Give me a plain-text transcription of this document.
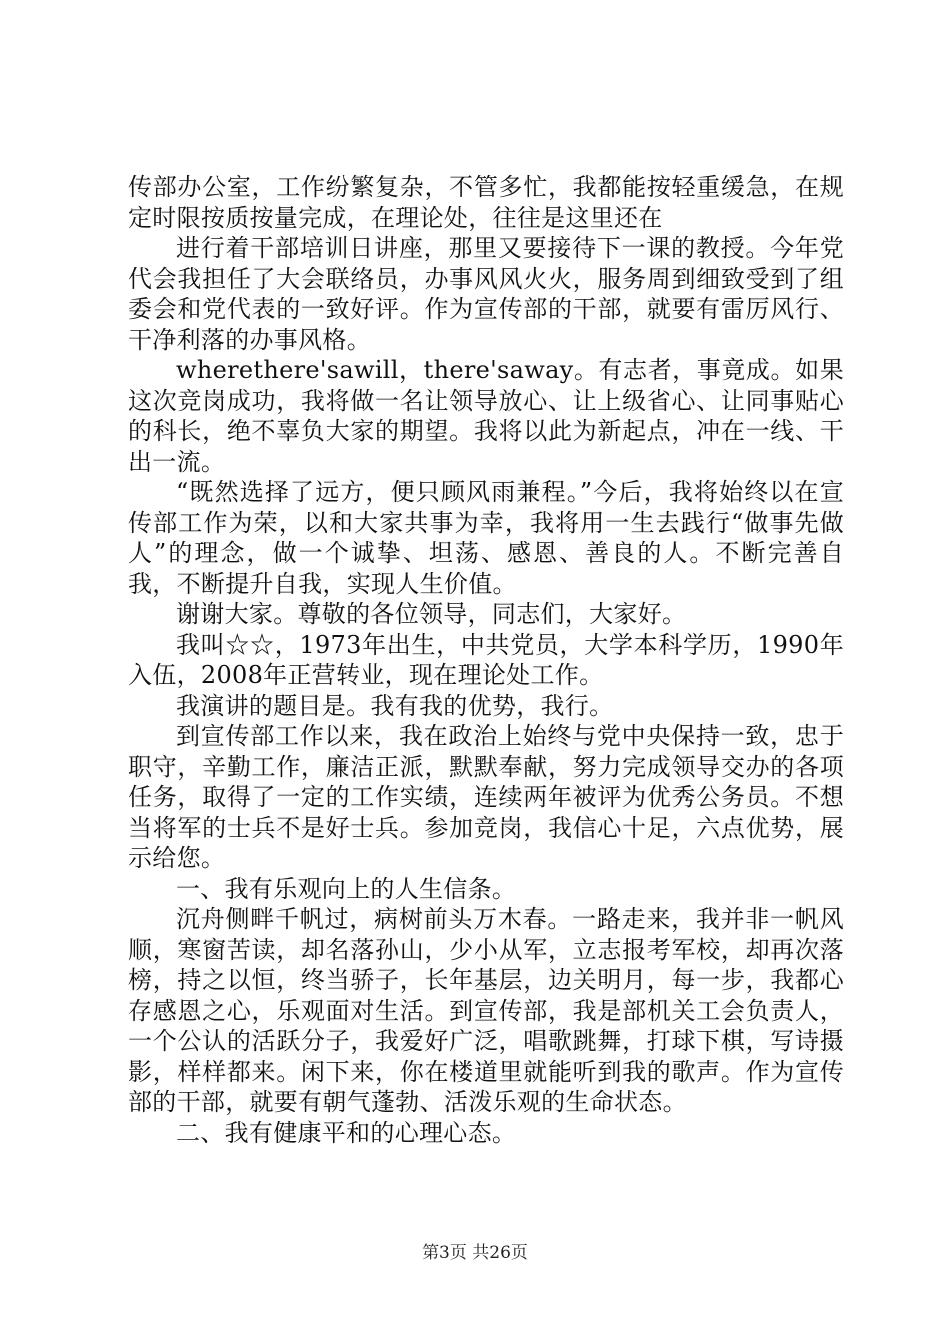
传部办公室，工作纷繁复杂，不管多忙，我都能按轻重缓急，在规定时限按质按量完成，在理论处，往往是这里还在

进行着干部培训日讲座，那里又要接待下一课的教授。今年党代会我担任了大会联络员，办事风风火火，服务周到细致受到了组委会和党代表的一致好评。作为宣传部的干部，就要有雷厉风行、干净利落的办事风格。

wherethere'sawill，there'saway。有志者，事竟成。如果这次竞岗成功，我将做一名让领导放心、让上级省心、让同事贴心的科长，绝不辜负大家的期望。我将以此为新起点，冲在一线、干出一流。

“既然选择了远方，便只顾风雨兼程。”今后，我将始终以在宣传部工作为荣，以和大家共事为幸，我将用一生去践行“做事先做人”的理念，做一个诚挚、坦荡、感恩、善良的人。不断完善自我，不断提升自我，实现人生价值。

谢谢大家。尊敬的各位领导，同志们，大家好。

我叫☆☆，1973年出生，中共党员，大学本科学历，1990年入伍，2008年正营转业，现在理论处工作。

我演讲的题目是。我有我的优势，我行。

到宣传部工作以来，我在政治上始终与党中央保持一致，忠于职守，辛勤工作，廉洁正派，默默奉献，努力完成领导交办的各项任务，取得了一定的工作实绩，连续两年被评为优秀公务员。不想当将军的士兵不是好士兵。参加竞岗，我信心十足，六点优势，展示给您。

一、我有乐观向上的人生信条。

沉舟侧畔千帆过，病树前头万木春。一路走来，我并非一帆风顺，寒窗苦读，却名落孙山，少小从军，立志报考军校，却再次落榜，持之以恒，终当骄子，长年基层，边关明月，每一步，我都心存感恩之心，乐观面对生活。到宣传部，我是部机关工会负责人，一个公认的活跃分子，我爱好广泛，唱歌跳舞，打球下棋，写诗摄影，样样都来。闲下来，你在楼道里就能听到我的歌声。作为宣传部的干部，就要有朝气蓬勃、活泼乐观的生命状态。

二、我有健康平和的心理心态。

第3页 共26页
